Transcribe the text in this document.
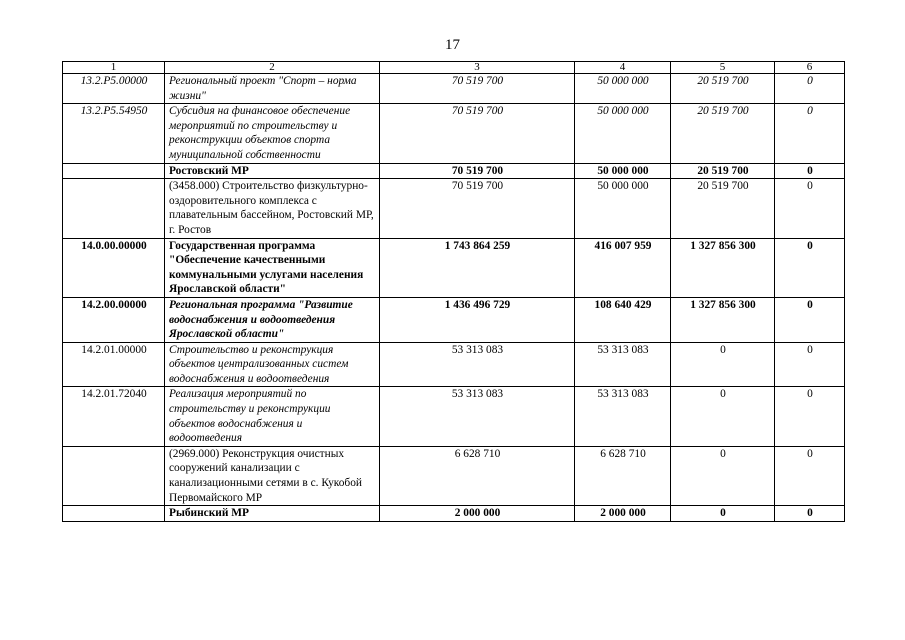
17
1	2	3	4	5	6
13.2.P5.00000	Региональный проект "Спорт – норма жизни"	70 519 700	50 000 000	20 519 700	0
13.2.P5.54950	Субсидия на финансовое обеспечение мероприятий по строительству и реконструкции объектов спорта муниципальной собственности	70 519 700	50 000 000	20 519 700	0
	Ростовский МР	70 519 700	50 000 000	20 519 700	0
	(3458.000) Строительство физкультурно-оздоровительного комплекса с плавательным бассейном, Ростовский МР, г. Ростов	70 519 700	50 000 000	20 519 700	0
14.0.00.00000	Государственная программа "Обеспечение качественными коммунальными услугами населения Ярославской области"	1 743 864 259	416 007 959	1 327 856 300	0
14.2.00.00000	Региональная программа "Развитие водоснабжения и водоотведения Ярославской области"	1 436 496 729	108 640 429	1 327 856 300	0
14.2.01.00000	Строительство и реконструкция объектов централизованных систем водоснабжения и водоотведения	53 313 083	53 313 083	0	0
14.2.01.72040	Реализация мероприятий по строительству и реконструкции объектов водоснабжения и водоотведения	53 313 083	53 313 083	0	0
	(2969.000) Реконструкция очистных сооружений канализации с канализационными сетями в с. Кукобой Первомайского МР	6 628 710	6 628 710	0	0
	Рыбинский МР	2 000 000	2 000 000	0	0
